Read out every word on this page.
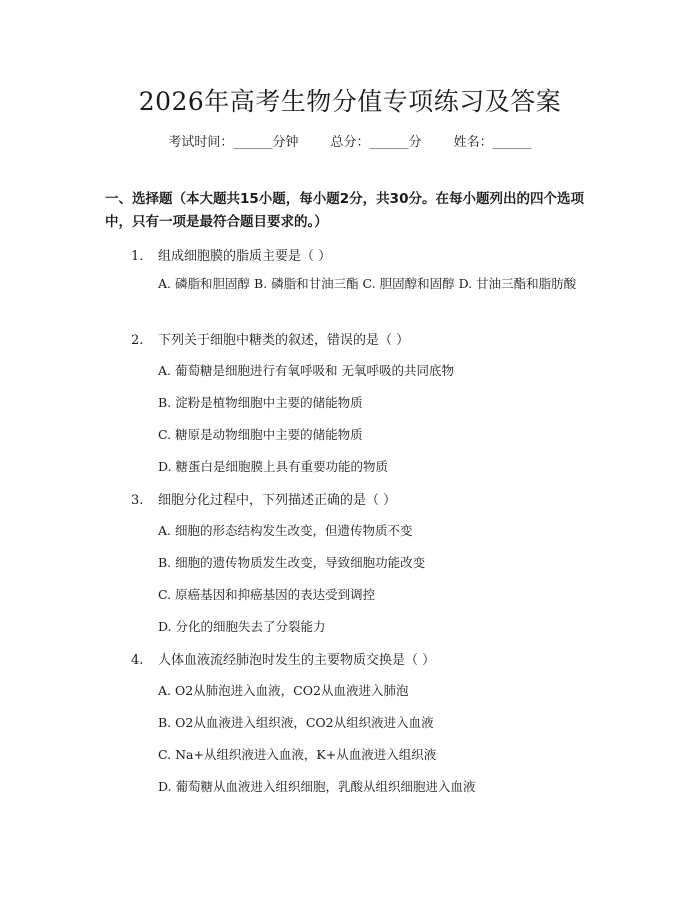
2026年高考生物分值专项练习及答案
考试时间：______分钟 总分：______分 姓名：______
一、选择题（本大题共15小题，每小题2分，共30分。在每小题列出的四个选项中，只有一项是最符合题目要求的。）
1. 组成细胞膜的脂质主要是（ ）
A. 磷脂和胆固醇 B. 磷脂和甘油三酯 C. 胆固醇和固醇 D. 甘油三酯和脂肪酸
2. 下列关于细胞中糖类的叙述，错误的是（ ）
A. 葡萄糖是细胞进行有氧呼吸和 无氧呼吸的共同底物
B. 淀粉是植物细胞中主要的储能物质
C. 糖原是动物细胞中主要的储能物质
D. 糖蛋白是细胞膜上具有重要功能的物质
3. 细胞分化过程中，下列描述正确的是（ ）
A. 细胞的形态结构发生改变，但遗传物质不变
B. 细胞的遗传物质发生改变，导致细胞功能改变
C. 原癌基因和抑癌基因的表达受到调控
D. 分化的细胞失去了分裂能力
4. 人体血液流经肺泡时发生的主要物质交换是（ ）
A. O2从肺泡进入血液，CO2从血液进入肺泡
B. O2从血液进入组织液，CO2从组织液进入血液
C. Na+从组织液进入血液，K+从血液进入组织液
D. 葡萄糖从血液进入组织细胞，乳酸从组织细胞进入血液
